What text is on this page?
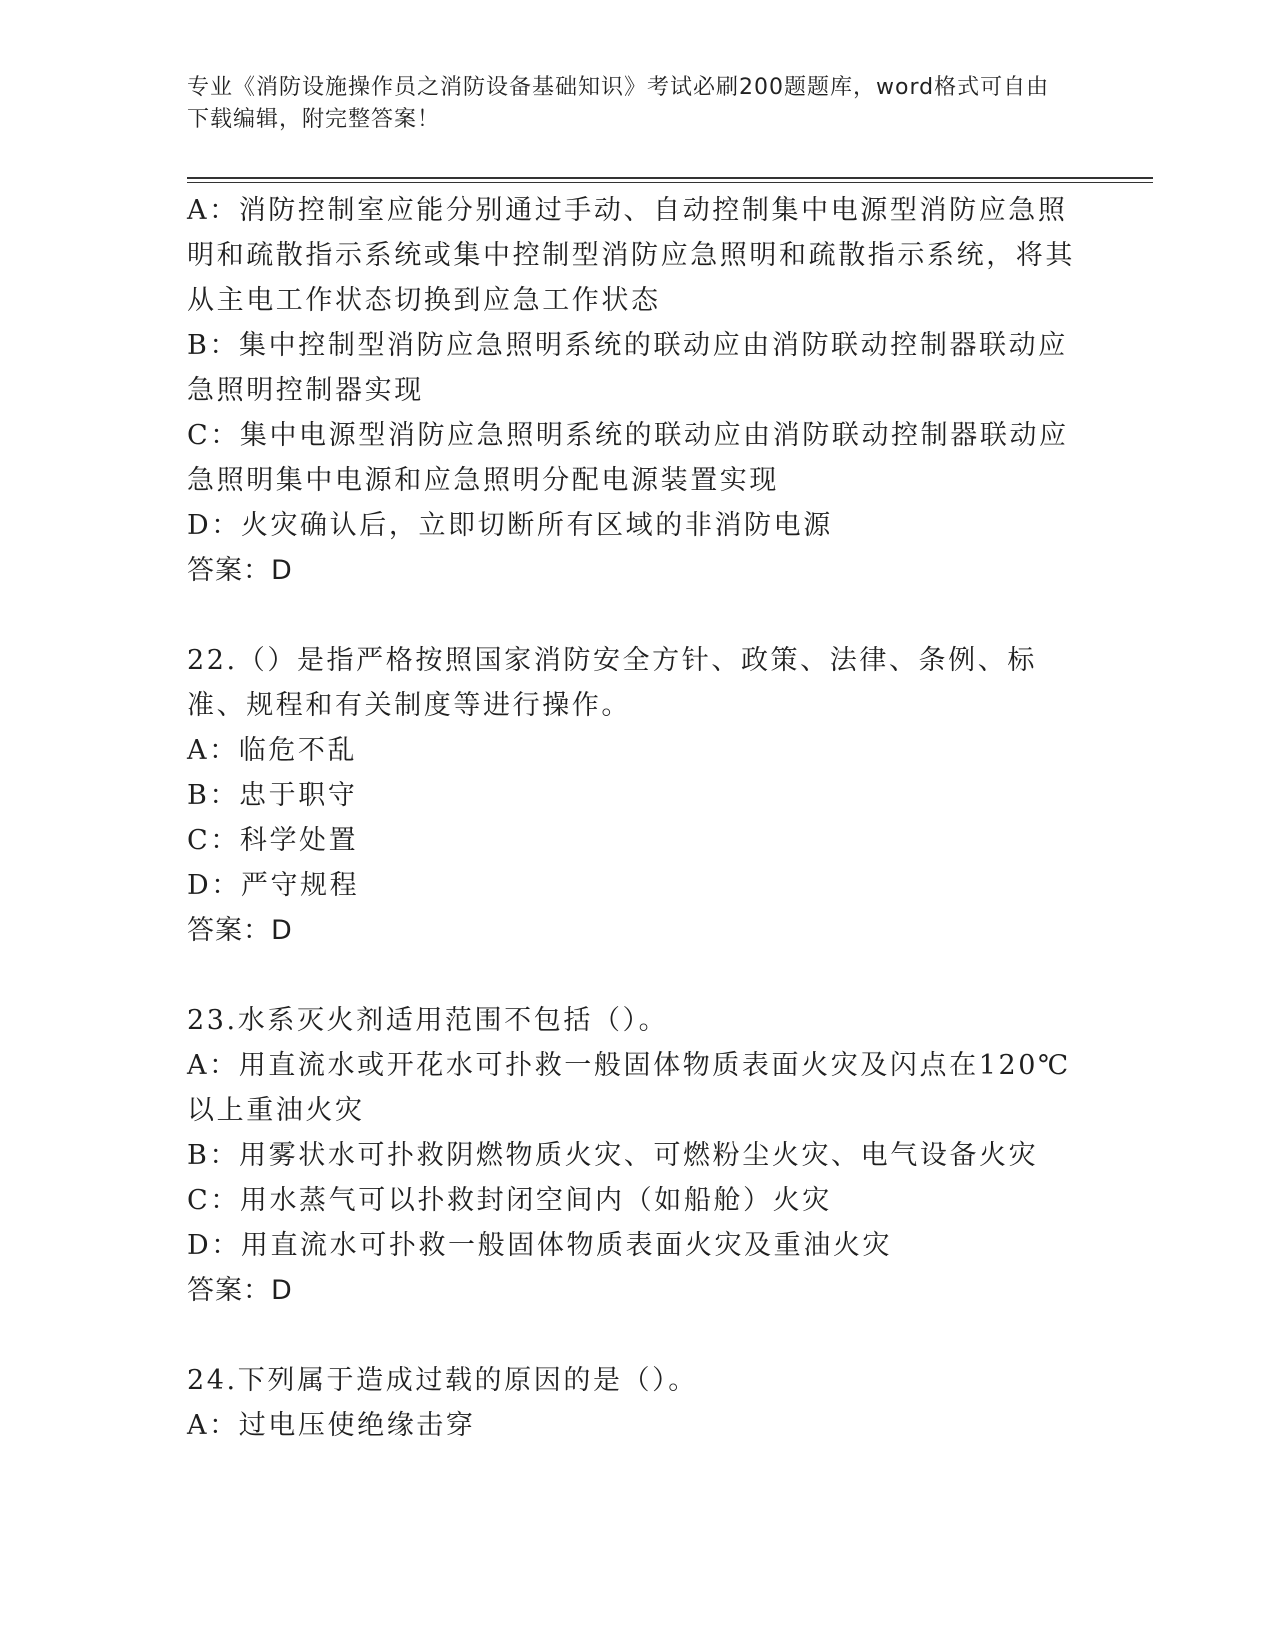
专业《消防设施操作员之消防设备基础知识》考试必刷200题题库，word格式可自由下载编辑，附完整答案！
A：消防控制室应能分别通过手动、自动控制集中电源型消防应急照明和疏散指示系统或集中控制型消防应急照明和疏散指示系统，将其从主电工作状态切换到应急工作状态
B：集中控制型消防应急照明系统的联动应由消防联动控制器联动应急照明控制器实现
C：集中电源型消防应急照明系统的联动应由消防联动控制器联动应急照明集中电源和应急照明分配电源装置实现
D：火灾确认后，立即切断所有区域的非消防电源
答案：D
22.（）是指严格按照国家消防安全方针、政策、法律、条例、标准、规程和有关制度等进行操作。
A：临危不乱
B：忠于职守
C：科学处置
D：严守规程
答案：D
23.水系灭火剂适用范围不包括（）。
A：用直流水或开花水可扑救一般固体物质表面火灾及闪点在120℃以上重油火灾
B：用雾状水可扑救阴燃物质火灾、可燃粉尘火灾、电气设备火灾
C：用水蒸气可以扑救封闭空间内（如船舱）火灾
D：用直流水可扑救一般固体物质表面火灾及重油火灾
答案：D
24.下列属于造成过载的原因的是（）。
A：过电压使绝缘击穿
